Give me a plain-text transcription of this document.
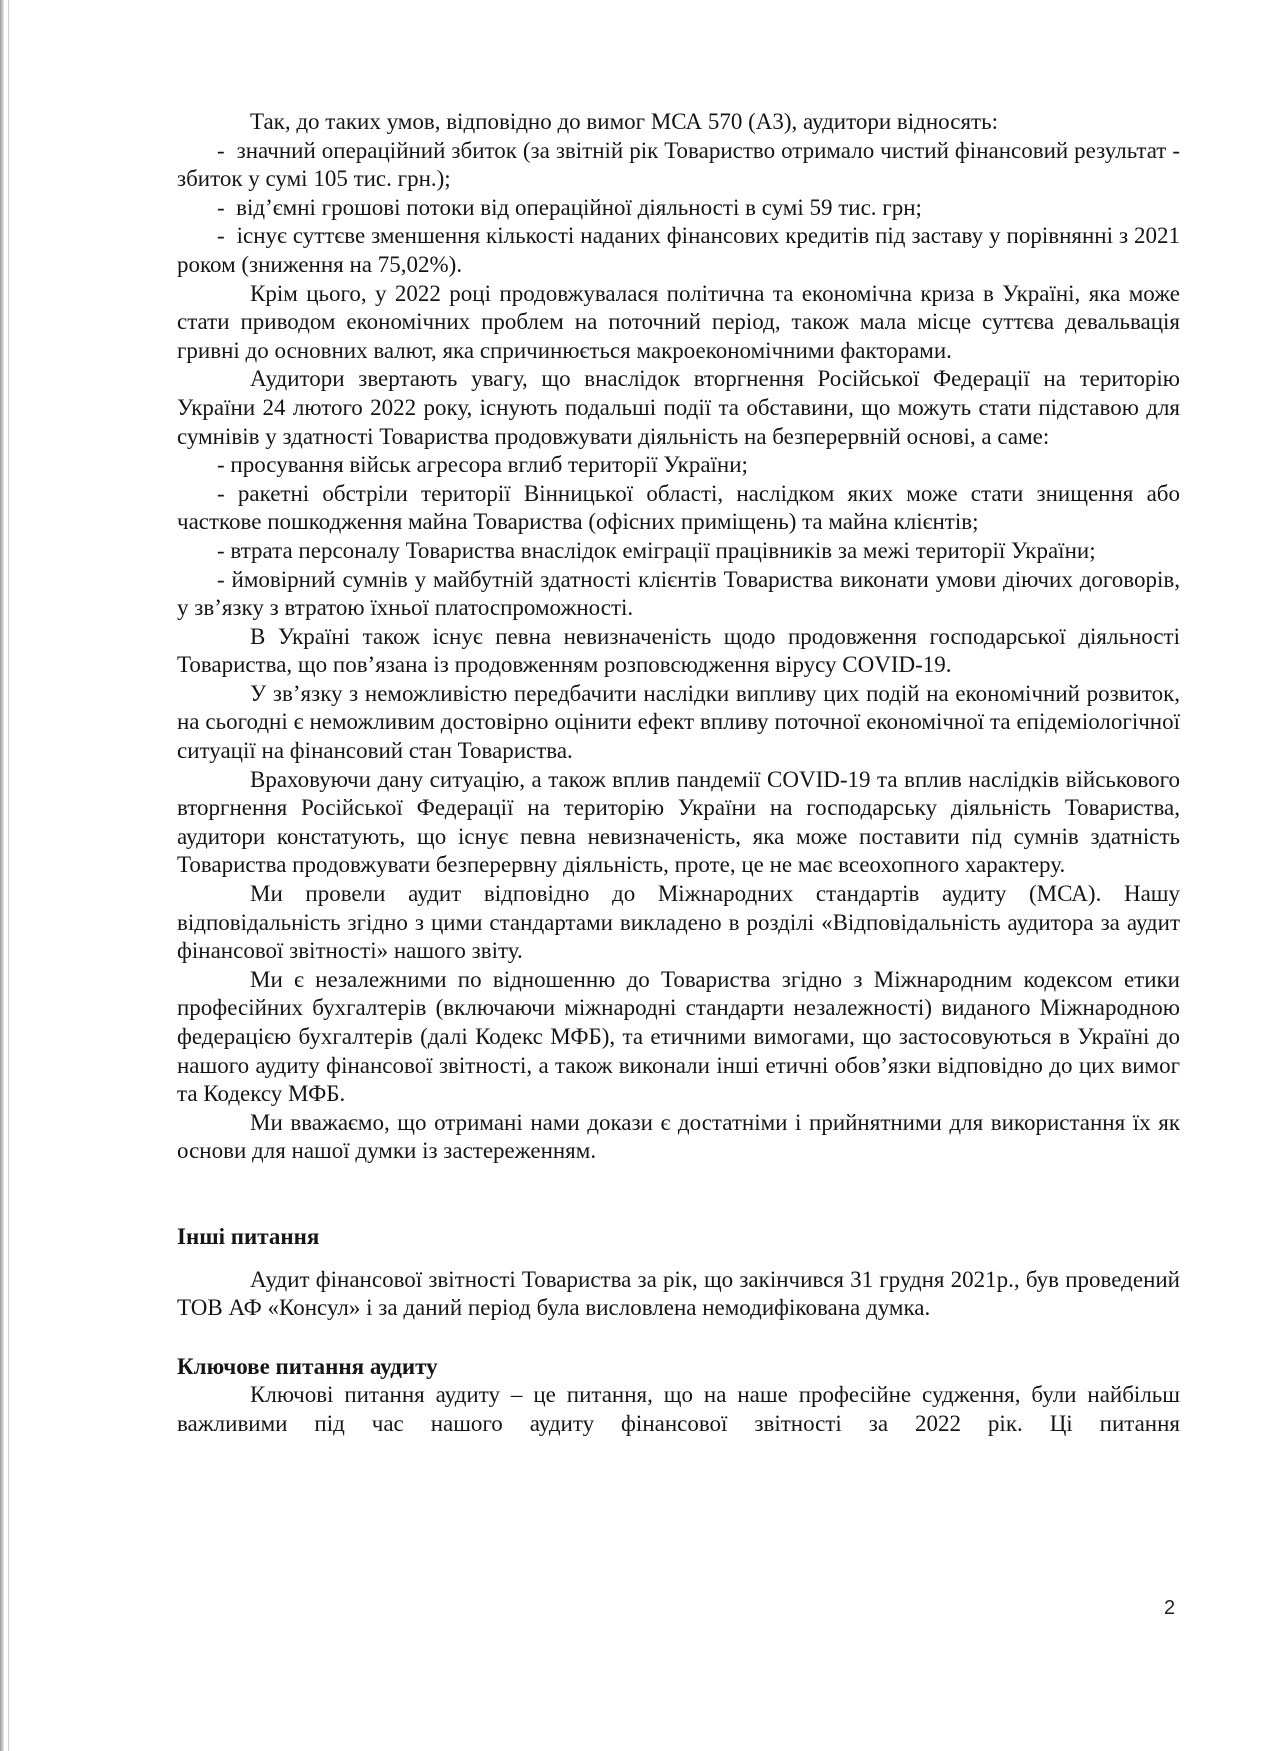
Так, до таких умов, відповідно до вимог МСА 570 (А3), аудитори відносять:

-  значний операційний збиток (за звітній рік Товариство отримало чистий фінансовий результат - збиток у сумі 105 тис. грн.);

-  від’ємні грошові потоки від операційної діяльності в сумі 59 тис. грн;

-  існує суттєве зменшення кількості наданих фінансових кредитів під заставу у порівнянні з 2021 роком (зниження на 75,02%).

Крім цього, у 2022 році продовжувалася політична та економічна криза в Україні, яка може стати приводом економічних проблем на поточний період, також мала місце суттєва девальвація гривні до основних валют, яка спричинюється макроекономічними факторами.

Аудитори звертають увагу, що внаслідок вторгнення Російської Федерації на територію України 24 лютого 2022 року, існують подальші події та обставини, що можуть стати підставою для сумнівів у здатності Товариства продовжувати діяльність на безперервній основі, а саме:

- просування військ агресора вглиб території України;

- ракетні обстріли території Вінницької області, наслідком яких може стати знищення або часткове пошкодження майна Товариства (офісних приміщень) та майна клієнтів;

- втрата персоналу Товариства внаслідок еміграції працівників за межі території України;

- ймовірний сумнів у майбутній здатності клієнтів Товариства виконати умови діючих договорів, у зв’язку з втратою їхньої платоспроможності.

В Україні також існує певна невизначеність щодо продовження господарської діяльності Товариства, що пов’язана із продовженням розповсюдження вірусу COVID-19.

У зв’язку з неможливістю передбачити наслідки випливу цих подій на економічний розвиток, на сьогодні є неможливим достовірно оцінити ефект впливу поточної економічної та епідеміологічної ситуації на фінансовий стан Товариства.

Враховуючи дану ситуацію, а також вплив пандемії COVID-19 та вплив наслідків військового вторгнення Російської Федерації на територію України на господарську діяльність Товариства, аудитори констатують, що існує певна невизначеність, яка може поставити під сумнів здатність Товариства продовжувати безперервну діяльність, проте, це не має всеохопного характеру.

Ми провели аудит відповідно до Міжнародних стандартів аудиту (МСА). Нашу відповідальність згідно з цими стандартами викладено в розділі «Відповідальність аудитора за аудит фінансової звітності» нашого звіту.

Ми є незалежними по відношенню до Товариства згідно з Міжнародним кодексом етики професійних бухгалтерів (включаючи міжнародні стандарти незалежності) виданого Міжнародною федерацією бухгалтерів (далі Кодекс МФБ), та етичними вимогами, що застосовуються в Україні до нашого аудиту фінансової звітності, а також виконали інші етичні обов’язки відповідно до цих вимог та Кодексу МФБ.

Ми вважаємо, що отримані нами докази є достатніми і прийнятними для використання їх як основи для нашої думки із застереженням.

Інші питання

Аудит фінансової звітності Товариства за рік, що закінчився 31 грудня 2021р., був проведений ТОВ АФ «Консул» і за даний період була висловлена немодифікована думка.

Ключове питання аудиту

Ключові питання аудиту – це питання, що на наше професійне судження, були найбільш важливими під час нашого аудиту фінансової звітності за 2022 рік. Ці питання

2
